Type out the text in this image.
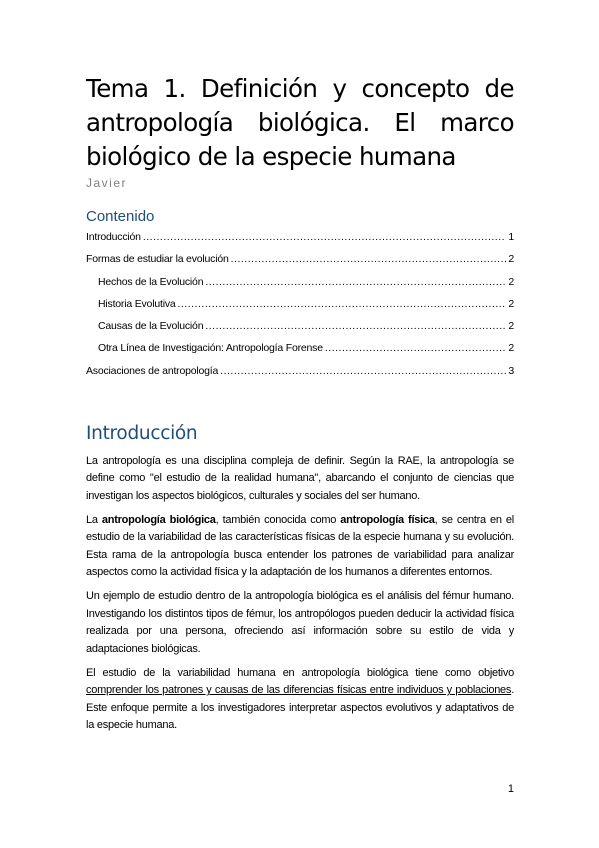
Tema 1. Definición y concepto de antropología biológica. El marco biológico de la especie humana

Javier

Contenido
Introducción .....	1
Formas de estudiar la evolución .....	2
Hechos de la Evolución .....	2
Historia Evolutiva .....	2
Causas de la Evolución .....	2
Otra Línea de Investigación: Antropología Forense .....	2
Asociaciones de antropología .....	3
Introducción

La antropología es una disciplina compleja de definir. Según la RAE, la antropología se define como "el estudio de la realidad humana", abarcando el conjunto de ciencias que investigan los aspectos biológicos, culturales y sociales del ser humano.

La antropología biológica, también conocida como antropología física, se centra en el estudio de la variabilidad de las características físicas de la especie humana y su evolución. Esta rama de la antropología busca entender los patrones de variabilidad para analizar aspectos como la actividad física y la adaptación de los humanos a diferentes entornos.

Un ejemplo de estudio dentro de la antropología biológica es el análisis del fémur humano. Investigando los distintos tipos de fémur, los antropólogos pueden deducir la actividad física realizada por una persona, ofreciendo así información sobre su estilo de vida y adaptaciones biológicas.

El estudio de la variabilidad humana en antropología biológica tiene como objetivo comprender los patrones y causas de las diferencias físicas entre individuos y poblaciones. Este enfoque permite a los investigadores interpretar aspectos evolutivos y adaptativos de la especie humana.

1
